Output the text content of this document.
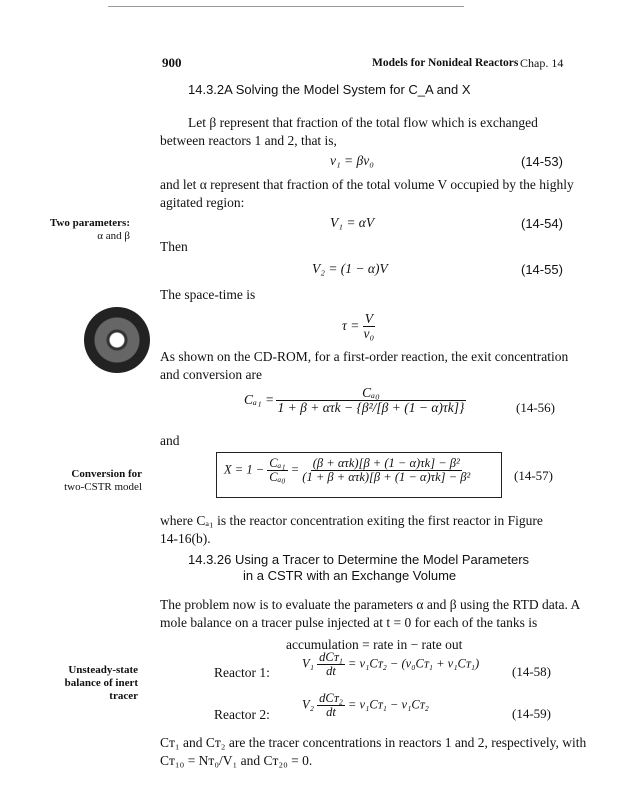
900	Models for Nonideal Reactors Chap. 14
14.3.2A Solving the Model System for C_A and X
Let β represent that fraction of the total flow which is exchanged
between reactors 1 and 2, that is,
v₁ = βv₀	(14-53)
and let α represent that fraction of the total volume V occupied by the highly
agitated region:
Two parameters:
α and β
V₁ = αV	(14-54)
Then
V₂ = (1 − α)V	(14-55)
The space-time is
$\tau = \frac{V}{\text{v₀}}$
As shown on the CD-ROM, for a first-order reaction, the exit concentration
and conversion are
$C_{a1} = \frac{\text{Cₐ₀}}{\text{1 + β + ατk − \{β²/[β + (1 − α)τk]\}}}$	(14-56)
and
Conversion for
two-CSTR model
$X = 1 - \frac{\text{Cₐ₁}}{\text{Cₐ₀}} = \frac{\text{(β + ατk)[β + (1 − α)τk] − β²}}{\text{(1 + β + ατk)[β + (1 − α)τk] − β²}}$	(14-57)
where Cₐ₁ is the reactor concentration exiting the first reactor in Figure
14-16(b).
14.3.26 Using a Tracer to Determine the Model Parameters
in a CSTR with an Exchange Volume
The problem now is to evaluate the parameters α and β using the RTD data. A
mole balance on a tracer pulse injected at t = 0 for each of the tanks is
accumulation = rate in − rate out
Unsteady-state
balance of inert
tracer
Reactor 1:
$V_1 \frac{\text{dCᴛ₁}}{dt}$ = v₁Cᴛ₂ − (v₀Cᴛ₁ + v₁Cᴛ₁)
(14-58)
Reactor 2:
$V_2 \frac{\text{dCᴛ₂}}{dt}$ = v₁Cᴛ₁ − v₁Cᴛ₂
(14-59)
Cᴛ₁ and Cᴛ₂ are the tracer concentrations in reactors 1 and 2, respectively, with
Cᴛ₁₀ = Nᴛ₀/V₁ and Cᴛ₂₀ = 0.
